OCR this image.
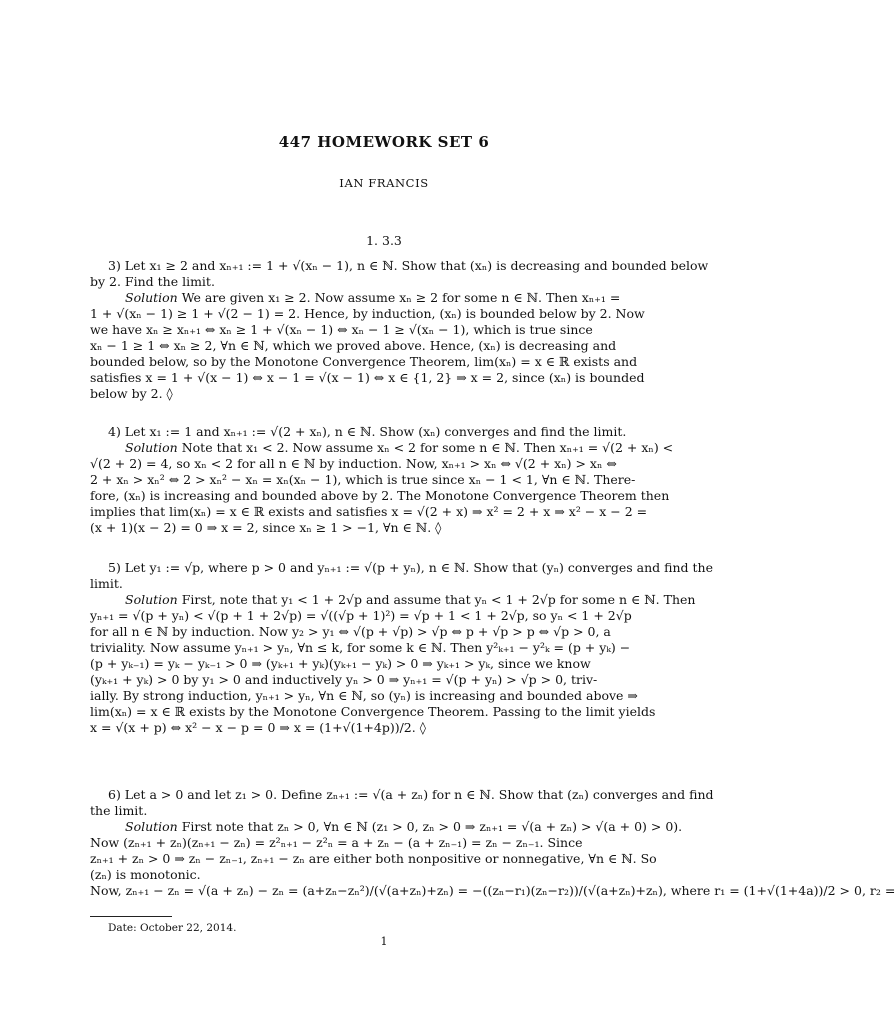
447 HOMEWORK SET 6
IAN FRANCIS
1. 3.3
3) Let x₁ ≥ 2 and xₙ₊₁ := 1 + √(xₙ − 1), n ∈ ℕ. Show that (xₙ) is decreasing and bounded below
by 2. Find the limit.
Solution We are given x₁ ≥ 2. Now assume xₙ ≥ 2 for some n ∈ ℕ. Then xₙ₊₁ =
1 + √(xₙ − 1) ≥ 1 + √(2 − 1) = 2. Hence, by induction, (xₙ) is bounded below by 2. Now
we have xₙ ≥ xₙ₊₁ ⇔ xₙ ≥ 1 + √(xₙ − 1) ⇔ xₙ − 1 ≥ √(xₙ − 1), which is true since
xₙ − 1 ≥ 1 ⇔ xₙ ≥ 2, ∀n ∈ ℕ, which we proved above. Hence, (xₙ) is decreasing and
bounded below, so by the Monotone Convergence Theorem, lim(xₙ) = x ∈ ℝ exists and
satisfies x = 1 + √(x − 1) ⇔ x − 1 = √(x − 1) ⇔ x ∈ {1, 2} ⇒ x = 2, since (xₙ) is bounded
below by 2. ◊
4) Let x₁ := 1 and xₙ₊₁ := √(2 + xₙ), n ∈ ℕ. Show (xₙ) converges and find the limit.
Solution Note that x₁ < 2. Now assume xₙ < 2 for some n ∈ ℕ. Then xₙ₊₁ = √(2 + xₙ) <
√(2 + 2) = 4, so xₙ < 2 for all n ∈ ℕ by induction. Now, xₙ₊₁ > xₙ ⇔ √(2 + xₙ) > xₙ ⇔
2 + xₙ > xₙ² ⇔ 2 > xₙ² − xₙ = xₙ(xₙ − 1), which is true since xₙ − 1 < 1, ∀n ∈ ℕ. There-
fore, (xₙ) is increasing and bounded above by 2. The Monotone Convergence Theorem then
implies that lim(xₙ) = x ∈ ℝ exists and satisfies x = √(2 + x) ⇒ x² = 2 + x ⇒ x² − x − 2 =
(x + 1)(x − 2) = 0 ⇒ x = 2, since xₙ ≥ 1 > −1, ∀n ∈ ℕ. ◊
5) Let y₁ := √p, where p > 0 and yₙ₊₁ := √(p + yₙ), n ∈ ℕ. Show that (yₙ) converges and find the
limit.
Solution First, note that y₁ < 1 + 2√p and assume that yₙ < 1 + 2√p for some n ∈ ℕ. Then
yₙ₊₁ = √(p + yₙ) < √(p + 1 + 2√p) = √((√p + 1)²) = √p + 1 < 1 + 2√p, so yₙ < 1 + 2√p
for all n ∈ ℕ by induction. Now y₂ > y₁ ⇔ √(p + √p) > √p ⇔ p + √p > p ⇔ √p > 0, a
triviality. Now assume yₙ₊₁ > yₙ, ∀n ≤ k, for some k ∈ ℕ. Then y²ₖ₊₁ − y²ₖ = (p + yₖ) −
(p + yₖ₋₁) = yₖ − yₖ₋₁ > 0 ⇒ (yₖ₊₁ + yₖ)(yₖ₊₁ − yₖ) > 0 ⇒ yₖ₊₁ > yₖ, since we know
(yₖ₊₁ + yₖ) > 0 by y₁ > 0 and inductively yₙ > 0 ⇒ yₙ₊₁ = √(p + yₙ) > √p > 0, triv-
ially. By strong induction, yₙ₊₁ > yₙ, ∀n ∈ ℕ, so (yₙ) is increasing and bounded above ⇒
lim(xₙ) = x ∈ ℝ exists by the Monotone Convergence Theorem. Passing to the limit yields
x = √(x + p) ⇔ x² − x − p = 0 ⇒ x = (1+√(1+4p))/2. ◊
6) Let a > 0 and let z₁ > 0. Define zₙ₊₁ := √(a + zₙ) for n ∈ ℕ. Show that (zₙ) converges and find
the limit.
Solution First note that zₙ > 0, ∀n ∈ ℕ (z₁ > 0, zₙ > 0 ⇒ zₙ₊₁ = √(a + zₙ) > √(a + 0) > 0).
Now (zₙ₊₁ + zₙ)(zₙ₊₁ − zₙ) = z²ₙ₊₁ − z²ₙ = a + zₙ − (a + zₙ₋₁) = zₙ − zₙ₋₁. Since
zₙ₊₁ + zₙ > 0 ⇒ zₙ − zₙ₋₁, zₙ₊₁ − zₙ are either both nonpositive or nonnegative, ∀n ∈ ℕ. So
(zₙ) is monotonic.
Now, zₙ₊₁ − zₙ = √(a + zₙ) − zₙ = (a+zₙ−zₙ²)/(√(a+zₙ)+zₙ) = −((zₙ−r₁)(zₙ−r₂))/(√(a+zₙ)+zₙ), where r₁ = (1+√(1+4a))/2 > 0, r₂ =
Date: October 22, 2014.
1
